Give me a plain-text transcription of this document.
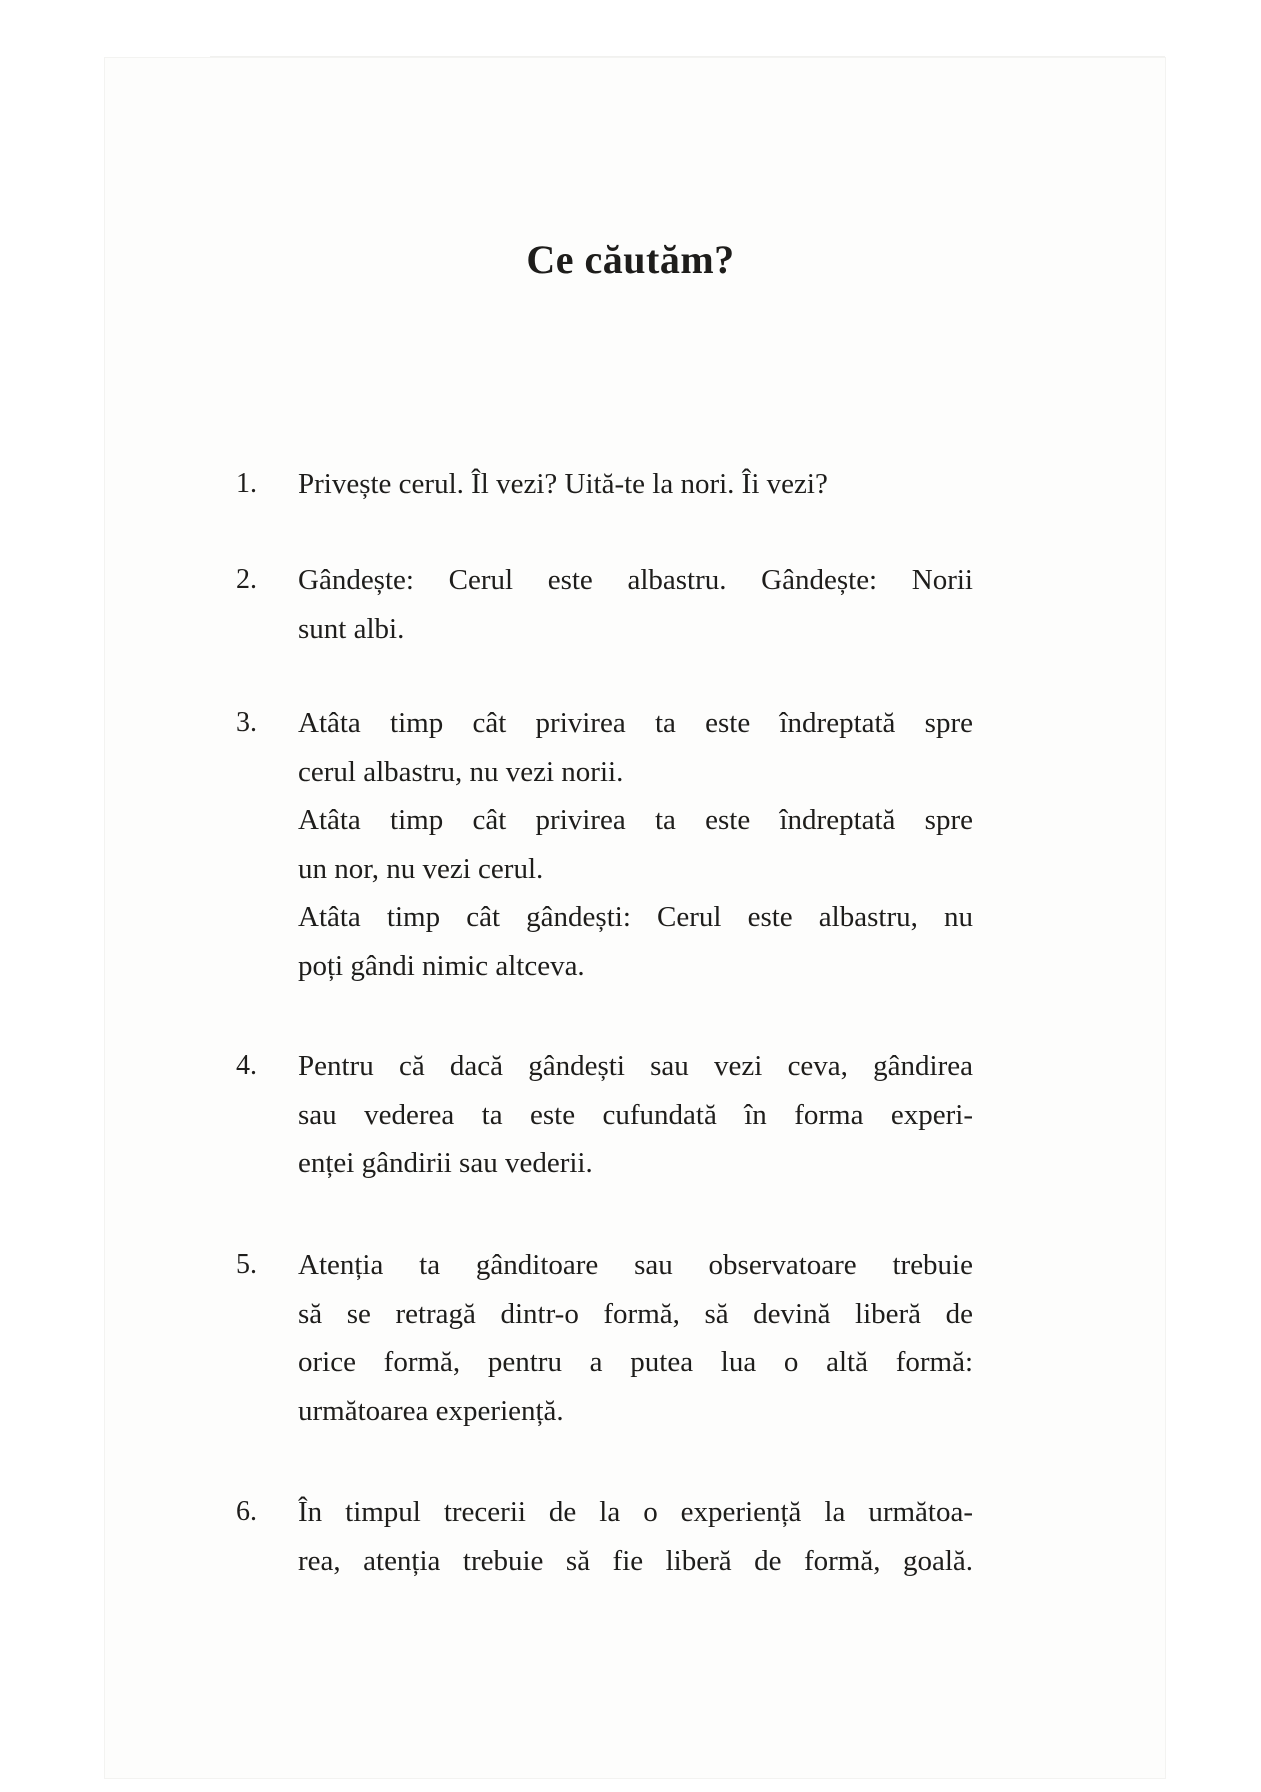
Ce căutăm?
1.	Privește cerul. Îl vezi? Uită-te la nori. Îi vezi?
2.	Gândește: Cerul este albastru. Gândește: Norii
sunt albi.
3.	Atâta timp cât privirea ta este îndreptată spre
cerul albastru, nu vezi norii.
Atâta timp cât privirea ta este îndreptată spre
un nor, nu vezi cerul.
Atâta timp cât gândești: Cerul este albastru, nu
poți gândi nimic altceva.
4.	Pentru că dacă gândești sau vezi ceva, gândirea
sau vederea ta este cufundată în forma experi-
enței gândirii sau vederii.
5.	Atenția ta gânditoare sau observatoare trebuie
să se retragă dintr-o formă, să devină liberă de
orice formă, pentru a putea lua o altă formă:
următoarea experiență.
6.	În timpul trecerii de la o experiență la următoa-
rea, atenția trebuie să fie liberă de formă, goală.
